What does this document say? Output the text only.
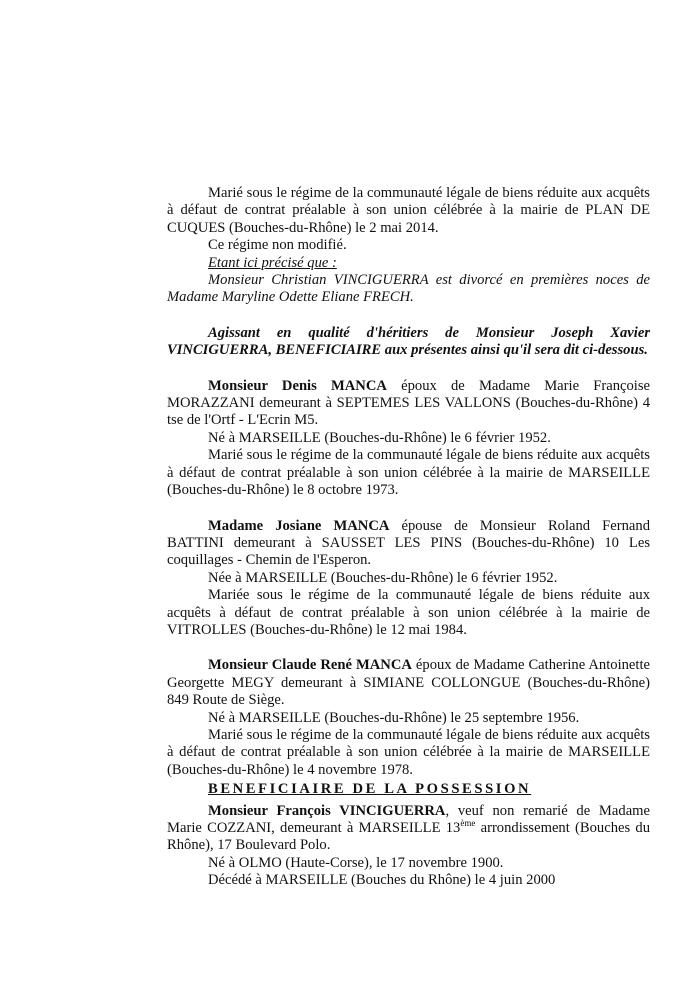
Marié sous le régime de la communauté légale de biens réduite aux acquêts à défaut de contrat préalable à son union célébrée à la mairie de PLAN DE CUQUES (Bouches-du-Rhône) le 2 mai 2014.
Ce régime non modifié.
Etant ici précisé que :
Monsieur Christian VINCIGUERRA est divorcé en premières noces de Madame Maryline Odette Eliane FRECH.
Agissant en qualité d'héritiers de Monsieur Joseph Xavier VINCIGUERRA, BENEFICIAIRE aux présentes ainsi qu'il sera dit ci-dessous.
Monsieur Denis MANCA époux de Madame Marie Françoise MORAZZANI demeurant à SEPTEMES LES VALLONS (Bouches-du-Rhône) 4 tse de l'Ortf - L'Ecrin M5.
Né à MARSEILLE (Bouches-du-Rhône) le 6 février 1952.
Marié sous le régime de la communauté légale de biens réduite aux acquêts à défaut de contrat préalable à son union célébrée à la mairie de MARSEILLE (Bouches-du-Rhône) le 8 octobre 1973.
Madame Josiane MANCA épouse de Monsieur Roland Fernand BATTINI demeurant à SAUSSET LES PINS (Bouches-du-Rhône) 10 Les coquillages - Chemin de l'Esperon.
Née à MARSEILLE (Bouches-du-Rhône) le 6 février 1952.
Mariée sous le régime de la communauté légale de biens réduite aux acquêts à défaut de contrat préalable à son union célébrée à la mairie de VITROLLES (Bouches-du-Rhône) le 12 mai 1984.
Monsieur Claude René MANCA époux de Madame Catherine Antoinette Georgette MEGY demeurant à SIMIANE COLLONGUE (Bouches-du-Rhône) 849 Route de Siège.
Né à MARSEILLE (Bouches-du-Rhône) le 25 septembre 1956.
Marié sous le régime de la communauté légale de biens réduite aux acquêts à défaut de contrat préalable à son union célébrée à la mairie de MARSEILLE (Bouches-du-Rhône) le 4 novembre 1978.
BENEFICIAIRE DE LA POSSESSION
Monsieur François VINCIGUERRA, veuf non remarié de Madame Marie COZZANI, demeurant à MARSEILLE 13ème arrondissement (Bouches du Rhône), 17 Boulevard Polo.
Né à OLMO (Haute-Corse), le 17 novembre 1900.
Décédé à MARSEILLE (Bouches du Rhône) le 4 juin 2000
